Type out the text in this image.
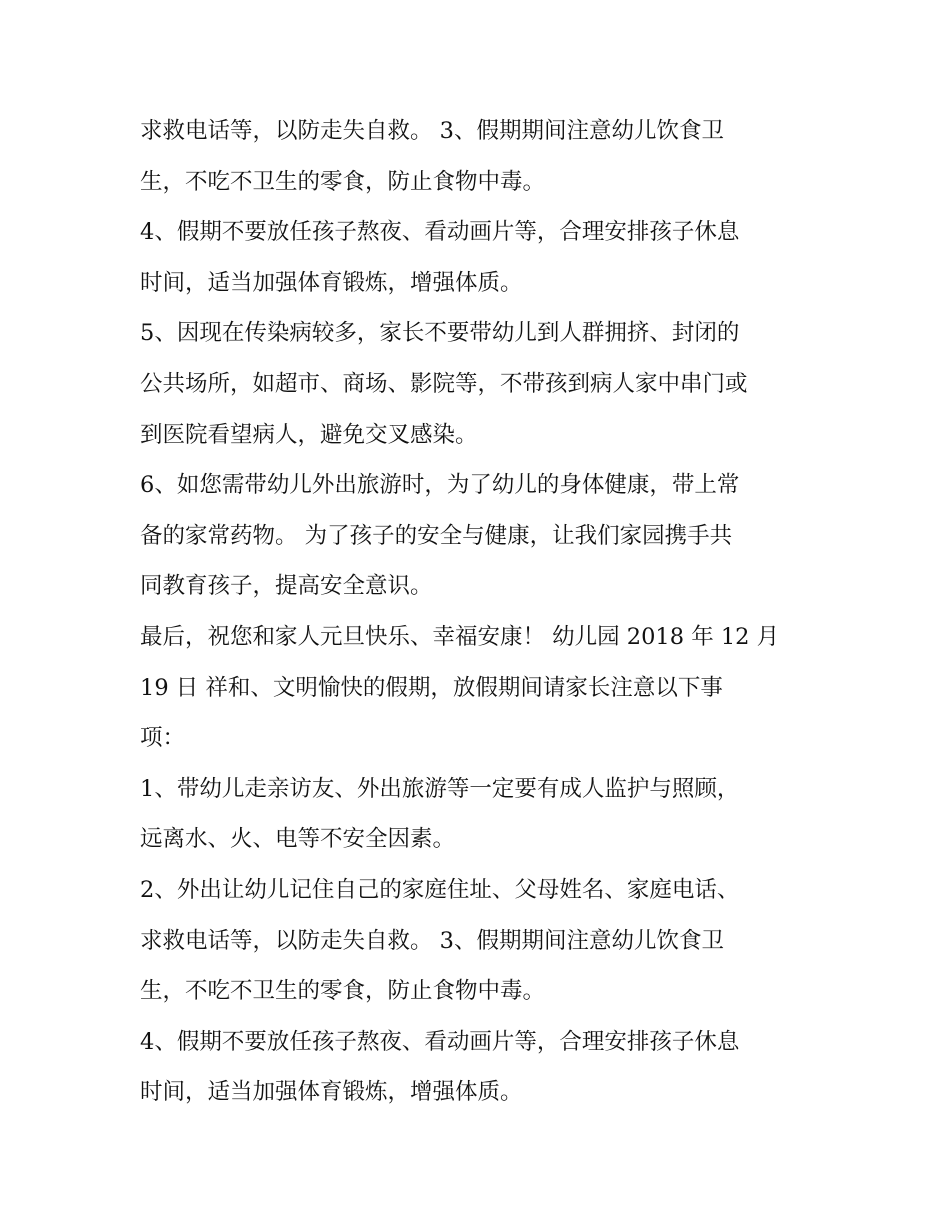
求救电话等，以防走失自救。 3、假期期间注意幼儿饮食卫
生，不吃不卫生的零食，防止食物中毒。
4、假期不要放任孩子熬夜、看动画片等，合理安排孩子休息
时间，适当加强体育锻炼，增强体质。
5、因现在传染病较多，家长不要带幼儿到人群拥挤、封闭的
公共场所，如超市、商场、影院等，不带孩到病人家中串门或
到医院看望病人，避免交叉感染。
6、如您需带幼儿外出旅游时，为了幼儿的身体健康，带上常
备的家常药物。 为了孩子的安全与健康，让我们家园携手共
同教育孩子，提高安全意识。
最后，祝您和家人元旦快乐、幸福安康！ 幼儿园 2018 年 12 月
19 日 祥和、文明愉快的假期，放假期间请家长注意以下事
项：
1、带幼儿走亲访友、外出旅游等一定要有成人监护与照顾，
远离水、火、电等不安全因素。
2、外出让幼儿记住自己的家庭住址、父母姓名、家庭电话、
求救电话等，以防走失自救。 3、假期期间注意幼儿饮食卫
生，不吃不卫生的零食，防止食物中毒。
4、假期不要放任孩子熬夜、看动画片等，合理安排孩子休息
时间，适当加强体育锻炼，增强体质。
